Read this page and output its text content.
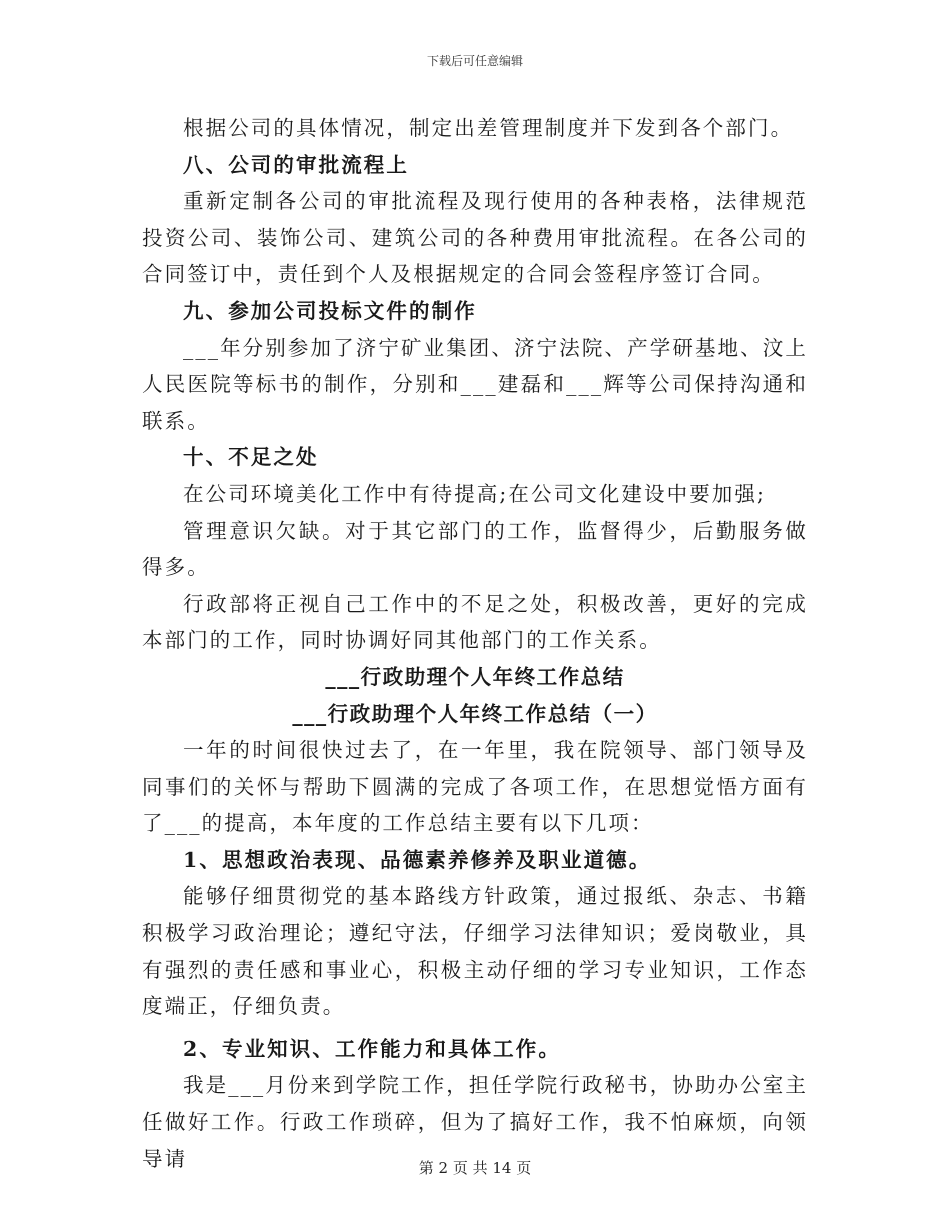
下载后可任意编辑

根据公司的具体情况，制定出差管理制度并下发到各个部门。

八、公司的审批流程上

重新定制各公司的审批流程及现行使用的各种表格，法律规范投资公司、装饰公司、建筑公司的各种费用审批流程。在各公司的合同签订中，责任到个人及根据规定的合同会签程序签订合同。

九、参加公司投标文件的制作

___年分别参加了济宁矿业集团、济宁法院、产学研基地、汶上人民医院等标书的制作，分别和___建磊和___辉等公司保持沟通和联系。

十、不足之处

在公司环境美化工作中有待提高;在公司文化建设中要加强;

管理意识欠缺。对于其它部门的工作，监督得少，后勤服务做得多。

行政部将正视自己工作中的不足之处，积极改善，更好的完成本部门的工作，同时协调好同其他部门的工作关系。

___行政助理个人年终工作总结

___行政助理个人年终工作总结（一）

一年的时间很快过去了，在一年里，我在院领导、部门领导及同事们的关怀与帮助下圆满的完成了各项工作，在思想觉悟方面有了___的提高，本年度的工作总结主要有以下几项：

1、思想政治表现、品德素养修养及职业道德。

能够仔细贯彻党的基本路线方针政策，通过报纸、杂志、书籍积极学习政治理论；遵纪守法，仔细学习法律知识；爱岗敬业，具有强烈的责任感和事业心，积极主动仔细的学习专业知识，工作态度端正，仔细负责。

2、专业知识、工作能力和具体工作。

我是___月份来到学院工作，担任学院行政秘书，协助办公室主任做好工作。行政工作琐碎，但为了搞好工作，我不怕麻烦，向领导请	第 2 页 共 14 页
